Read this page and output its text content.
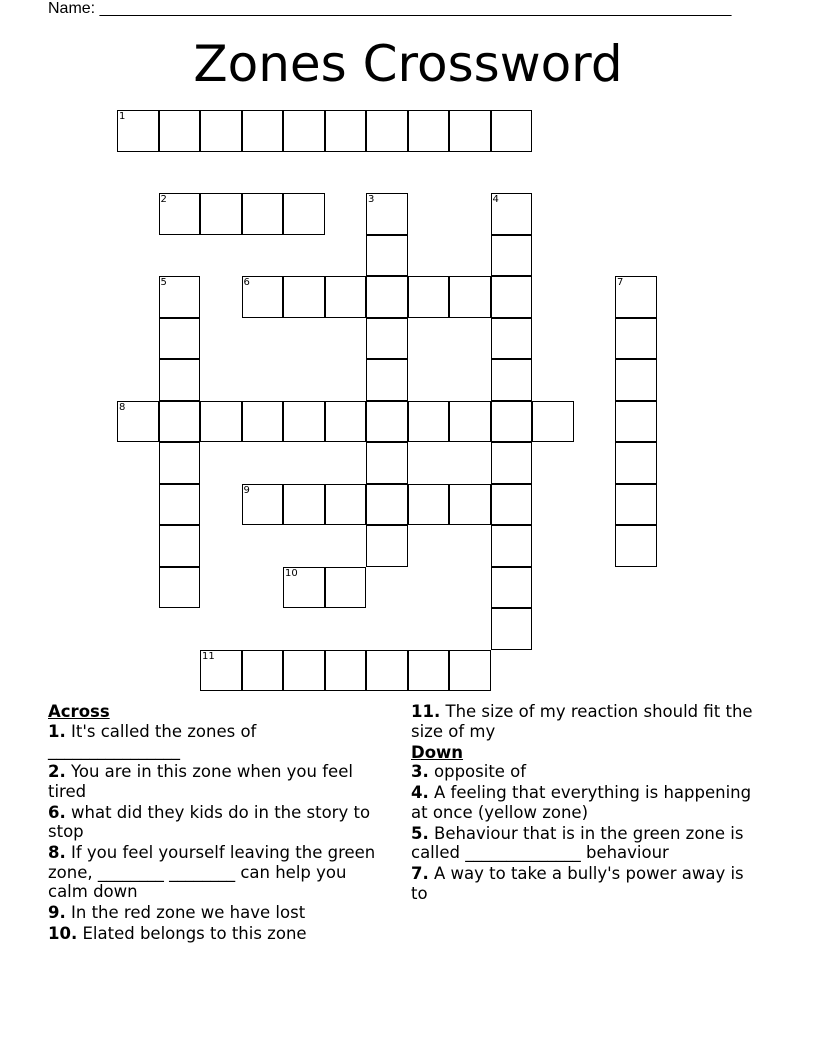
Name: _______________________________________________________________________
Zones Crossword
1
2	3	4
5	6	7
8
9
10
11
Across
1. It's called the zones of ________________
2. You are in this zone when you feel tired
6. what did they kids do in the story to stop
8. If you feel yourself leaving the green zone, ________ ________ can help you calm down
9. In the red zone we have lost
10. Elated belongs to this zone
11. The size of my reaction should fit the size of my
Down
3. opposite of
4. A feeling that everything is happening at once (yellow zone)
5. Behaviour that is in the green zone is called ______________ behaviour
7. A way to take a bully's power away is to
